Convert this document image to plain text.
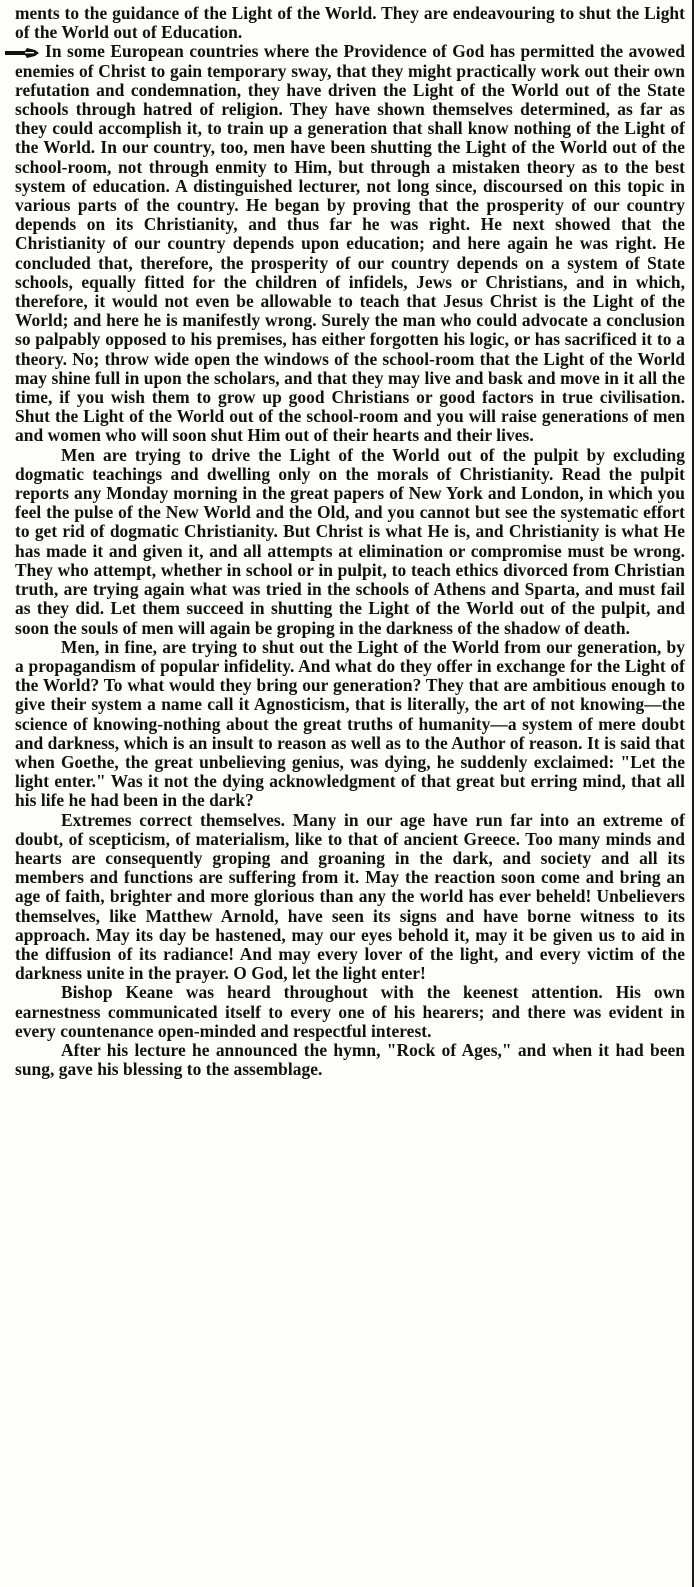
ments to the guidance of the Light of the World. They are endeavouring to shut the Light of the World out of Education.

In some European countries where the Providence of God has permitted the avowed enemies of Christ to gain temporary sway, that they might practically work out their own refutation and condemnation, they have driven the Light of the World out of the State schools through hatred of religion. They have shown themselves determined, as far as they could accomplish it, to train up a generation that shall know nothing of the Light of the World. In our country, too, men have been shutting the Light of the World out of the school-room, not through enmity to Him, but through a mistaken theory as to the best system of education. A distinguished lecturer, not long since, discoursed on this topic in various parts of the country. He began by proving that the prosperity of our country depends on its Christianity, and thus far he was right. He next showed that the Christianity of our country depends upon education; and here again he was right. He concluded that, therefore, the prosperity of our country depends on a system of State schools, equally fitted for the children of infidels, Jews or Christians, and in which, therefore, it would not even be allowable to teach that Jesus Christ is the Light of the World; and here he is manifestly wrong. Surely the man who could advocate a conclusion so palpably opposed to his premises, has either forgotten his logic, or has sacrificed it to a theory. No; throw wide open the windows of the school-room that the Light of the World may shine full in upon the scholars, and that they may live and bask and move in it all the time, if you wish them to grow up good Christians or good factors in true civilisation. Shut the Light of the World out of the school-room and you will raise generations of men and women who will soon shut Him out of their hearts and their lives.

Men are trying to drive the Light of the World out of the pulpit by excluding dogmatic teachings and dwelling only on the morals of Christianity. Read the pulpit reports any Monday morning in the great papers of New York and London, in which you feel the pulse of the New World and the Old, and you cannot but see the systematic effort to get rid of dogmatic Christianity. But Christ is what He is, and Christianity is what He has made it and given it, and all attempts at elimination or compromise must be wrong. They who attempt, whether in school or in pulpit, to teach ethics divorced from Christian truth, are trying again what was tried in the schools of Athens and Sparta, and must fail as they did. Let them succeed in shutting the Light of the World out of the pulpit, and soon the souls of men will again be groping in the darkness of the shadow of death.

Men, in fine, are trying to shut out the Light of the World from our generation, by a propagandism of popular infidelity. And what do they offer in exchange for the Light of the World? To what would they bring our generation? They that are ambitious enough to give their system a name call it Agnosticism, that is literally, the art of not knowing—the science of knowing-nothing about the great truths of humanity—a system of mere doubt and darkness, which is an insult to reason as well as to the Author of reason. It is said that when Goethe, the great unbelieving genius, was dying, he suddenly exclaimed: "Let the light enter." Was it not the dying acknowledgment of that great but erring mind, that all his life he had been in the dark?

Extremes correct themselves. Many in our age have run far into an extreme of doubt, of scepticism, of materialism, like to that of ancient Greece. Too many minds and hearts are consequently groping and groaning in the dark, and society and all its members and functions are suffering from it. May the reaction soon come and bring an age of faith, brighter and more glorious than any the world has ever beheld! Unbelievers themselves, like Matthew Arnold, have seen its signs and have borne witness to its approach. May its day be hastened, may our eyes behold it, may it be given us to aid in the diffusion of its radiance! And may every lover of the light, and every victim of the darkness unite in the prayer. O God, let the light enter!

Bishop Keane was heard throughout with the keenest attention. His own earnestness communicated itself to every one of his hearers; and there was evident in every countenance open-minded and respectful interest.

After his lecture he announced the hymn, "Rock of Ages," and when it had been sung, gave his blessing to the assemblage.
